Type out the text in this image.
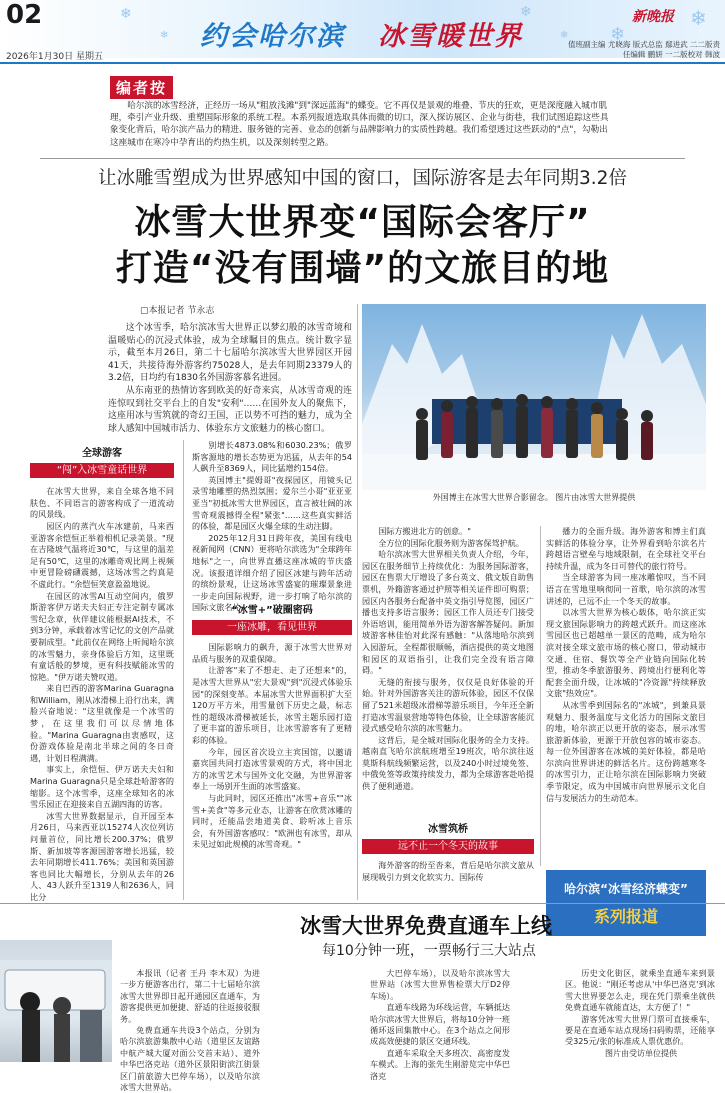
❄	❄
❄ ❄
❄
❄
02
约会哈尔滨 冰雪暖世界
新晚报
2026年1月30日 星期五
值班副主编 尤晓海 版式总监 鄢进武 二二版责任编辑 鹏妍 一二版校对 韩波
编者按
哈尔滨的冰雪经济，正经历一场从"粗放浅滩"到"深远蓝海"的蝶变。它不再仅是景观的堆叠、节庆的狂欢，更是深度融入城市肌理，牵引产业升级、重塑国际形象的系统工程。本系列报道选取具体而微的切口，深入探访展区、企业与街巷，我们试图追踪这些具象变化背后，哈尔滨产品力的精进、服务链的完善、业态的创新与品牌影响力的实质性跨越。我们希望透过这些跃动的"点"，勾勒出这座城市在寒冷中孕育出的灼热生机，以及深刻转型之路。
让冰雕雪塑成为世界感知中国的窗口，国际游客是去年同期3.2倍
冰雪大世界变“国际会客厅”
打造“没有围墙”的文旅目的地
▢本报记者 节永志

这个冰雪季，哈尔滨冰雪大世界正以梦幻般的冰雪奇境和温暖贴心的沉浸式体验，成为全球瞩目的焦点。统计数字显示，截至本月26日，第二十七届哈尔滨冰雪大世界园区开园41天，共接待海外游客约75028人，是去年同期23379人的3.2倍，日均约有1830名外国游客慕名进园。

从东南亚的热情访客到欧美的好奇来宾，从冰雪奇观的连连惊叹到社交平台上的自发"安利"……在国外友人的聚焦下，这座用冰与雪筑就的奇幻王国，正以势不可挡的魅力，成为全球人感知中国城市活力、体验东方文旅魅力的核心窗口。

外国博主在冰雪大世界合影留念。 图片由冰雪大世界提供
全球游客
“闯”入冰雪童话世界

在冰雪大世界，来自全球各地不同肤色、不同语言的游客构成了一道流动的风景线。

园区内的蒸汽火车冰建前，马来西亚游客余恺恒正举着相机记录美景。"现在吉隆坡气温将近30℃，与这里的温差足有50℃，这里的冰雕奇观比网上视频中更冒险磅礴震撼，这场冰雪之约真是不虚此行。"余恺恒笑意盈盈地说。

在园区的冰雪AI互动空间内，俄罗斯游客伊万诺夫夫妇正专注定制专属冰雪纪念章，伙伴建议能根据AI技术，不到3分钟，承载着冰雪记忆的文创产品就要制成型。"此前仅在网络上听闻哈尔滨的冰雪魅力，亲身体验后方知，这里既有童话般的梦境，更有科技赋能冰雪的惊艳。"伊万诺夫赞叹道。

来自巴西的游客Marina Guaragna和William，刚从冰滑梯上沿行出来，满脸兴奋地说："这里就像是一个冰雪的梦，在这里我们可以尽情地体验。"Marina Guaragna由衷感叹，这份游戏体验是南北半球之间的冬日奇遇，计划日程满满。

事实上，余恺恒、伊万诺夫夫妇和Marina Guaragna只是全球赴哈游客的缩影。这个冰雪季，这座全球知名的冰雪乐园正在迎接来自五湖四海的访客。

冰雪大世界数据显示，自开园至本月26日，马来西亚以15274人次位列访问量首位，同比增长200.37%；俄罗斯、新加坡等客源国游客增长迅猛，较去年同期增长411.76%；美国和英国游客也同比大幅增长，分别从去年的26人、43人跃升至1319人和2636人，同比分

别增长4873.08%和6030.23%；俄罗斯客源地的增长态势更为迅猛，从去年的54人飙升至8369人，同比猛增约154倍。

英国博主"提姆哥"夜探园区，用镜头记录雪地雕塑的热烈氛围；爱尔兰小哥"亚亚亚亚当"初抵冰雪大世界园区，直言被壮阔的冰雪奇观震撼得全程"紧张"……这些真实鲜活的体验，都是园区火爆全球的生动注脚。

2025年12月31日跨年夜，美国有线电视新闻网（CNN）更将哈尔滨选为"全球跨年地标"之一，向世界直播这座冰城的节庆盛况。该报道详细介绍了园区冰建与跨年活动的缤纷景观，让这场冰雪盛宴的璀璨景象进一步走向国际视野，进一步打响了哈尔滨的国际文旅名片。

“冰雪+”破圈密码
一座冰雕，看见世界

国际影响力的飙升，源于冰雪大世界对品质与服务的双重保障。

让游客"来了不想走、走了还想来"的，是冰雪大世界从"宏大景观"到"沉浸式体验乐园"的深刻变革。本届冰雪大世界面积扩大至120万平方米，用雪量创下历史之最，标志性的超级冰滑梯被延长，冰雪主题乐园打造了更丰富的游乐项目，让冰雪游客有了更精彩的体验。

今年，园区首次设立主宾国馆，以邀请嘉宾国共同打造冰雪景观的方式，将中国北方的冰雪艺术与国外文化交融，为世界游客奉上一场别开生面的冰雪盛宴。

与此同时，园区还推出"冰雪+音乐""冰雪+美食"等多元业态，让游客在欣赏冰雕的同时，还能品尝地道美食、聆听冰上音乐会，有外国游客感叹："欧洲也有冰雪，却从未见过如此规模的冰雪奇观。"

国际方搬进北方的创意。"

全方位的国际化服务则为游客保驾护航。

哈尔滨冰雪大世界相关负责人介绍，今年，园区在服务细节上持续优化：为服务国际游客，园区在售票大厅增设了多台英文、俄文版自助售票机，外籍游客通过护照等相关证件即可购票；园区内各服务台配备中英文指引导览图，园区广播也支持多语言服务；园区工作人员还专门接受外语培训，能用简单外语为游客解答疑问。新加坡游客林佳怡对此深有感触："从落地哈尔滨到入园游玩，全程都很顺畅，酒店提供的英文地图和园区的双语指引，让我们完全没有语言障碍。"

无缝的衔接与服务，仅仅是良好体验的开始。针对外国游客关注的游玩体验，园区不仅保留了521米超级冰滑梯等游乐项目，今年还全新打造冰雪温泉营地等特色体验，让全球游客能沉浸式感受哈尔滨的冰雪魅力。

这背后，是全城对国际化服务的全力支持。越南直飞哈尔滨航班增至19班次，哈尔滨往返莫斯科航线频繁运营，以及240小时过境免签、中俄免签等政策持续发力，都为全球游客赴哈提供了便利通道。

冰雪筑桥
远不止一个冬天的故事

海外游客的纷至沓来，背后是哈尔滨文旅从展现吸引力到文化软实力、国际传

播力的全面升级。海外游客和博主们真实鲜活的体验分享，让外界看到哈尔滨名片跨越语言壁垒与地域限制，在全球社交平台持续升温，成为冬日可替代的旅行符号。

当全球游客为同一座冰雕惊叹，当不同语言在雪地里响彻同一首歌，哈尔滨的冰雪讲述的，已远不止一个冬天的故事。

以冰雪大世界为核心载体，哈尔滨正实现文旅国际影响力的跨越式跃升。而这座冰雪园区也已超越单一景区的范畴，成为哈尔滨对接全球文旅市场的核心窗口，带动城市交通、住宿、餐饮等全产业链向国际化转型，推动冬季旅游服务、跨境出行便利化等配套全面升级，让冰城的"冷资源"持续释放文旅"热效应"。

从冰雪季到国际名的"冰城"，到兼具景观魅力、服务温度与文化活力的国际文旅目的地，哈尔滨正以更开放的姿态，展示冰雪旅游新体验，更源于开放包容的城市姿态。每一位外国游客在冰城的美好体验，都是哈尔滨向世界讲述的鲜活名片。这份跨越寒冬的冰雪引力，正让哈尔滨在国际影响力突破季节限定，成为中国城市向世界展示文化自信与发展活力的生动范本。

哈尔滨“冰雪经济蝶变”
系列报道
冰雪大世界免费直通车上线
每10分钟一班，一票畅行三大站点

本报讯（记者 王丹 李木双）为进一步方便游客出行，第二十七届哈尔滨冰雪大世界即日起开通园区直通车，为游客提供更加便捷、舒适的往返接驳服务。

免费直通车共设3个站点，分别为哈尔滨旅游集散中心站（道里区友谊路中航产城大厦对面公交首末站）、道外中华巴洛克站（道外区景阳街滨江街景区门前旅游大巴停车场），以及哈尔滨冰雪大世界站。

大巴停车场），以及哈尔滨冰雪大世界站（冰雪大世界售检票大厅D2停车场）。

直通车线路为环线运营，车辆抵达哈尔滨冰雪大世界后，将每10分钟一班循环返回集散中心。在3个站点之间形成高效便捷的景区交通环线。

直通车采取全天多班次、高密度发车模式。上海的张先生刚游览完中华巴洛克

历史文化街区，就乘坐直通车来到景区。他说："刚还考虑从'中华巴洛克'到冰雪大世界要怎么走，现在凭门票乘坐就供免费直通车就能直达，太方便了！"

游客凭冰雪大世界门票可直接乘车，要是在直通车站点现场扫码购票，还能享受325元/张的标准成人票优惠价。

图片由受访单位提供
